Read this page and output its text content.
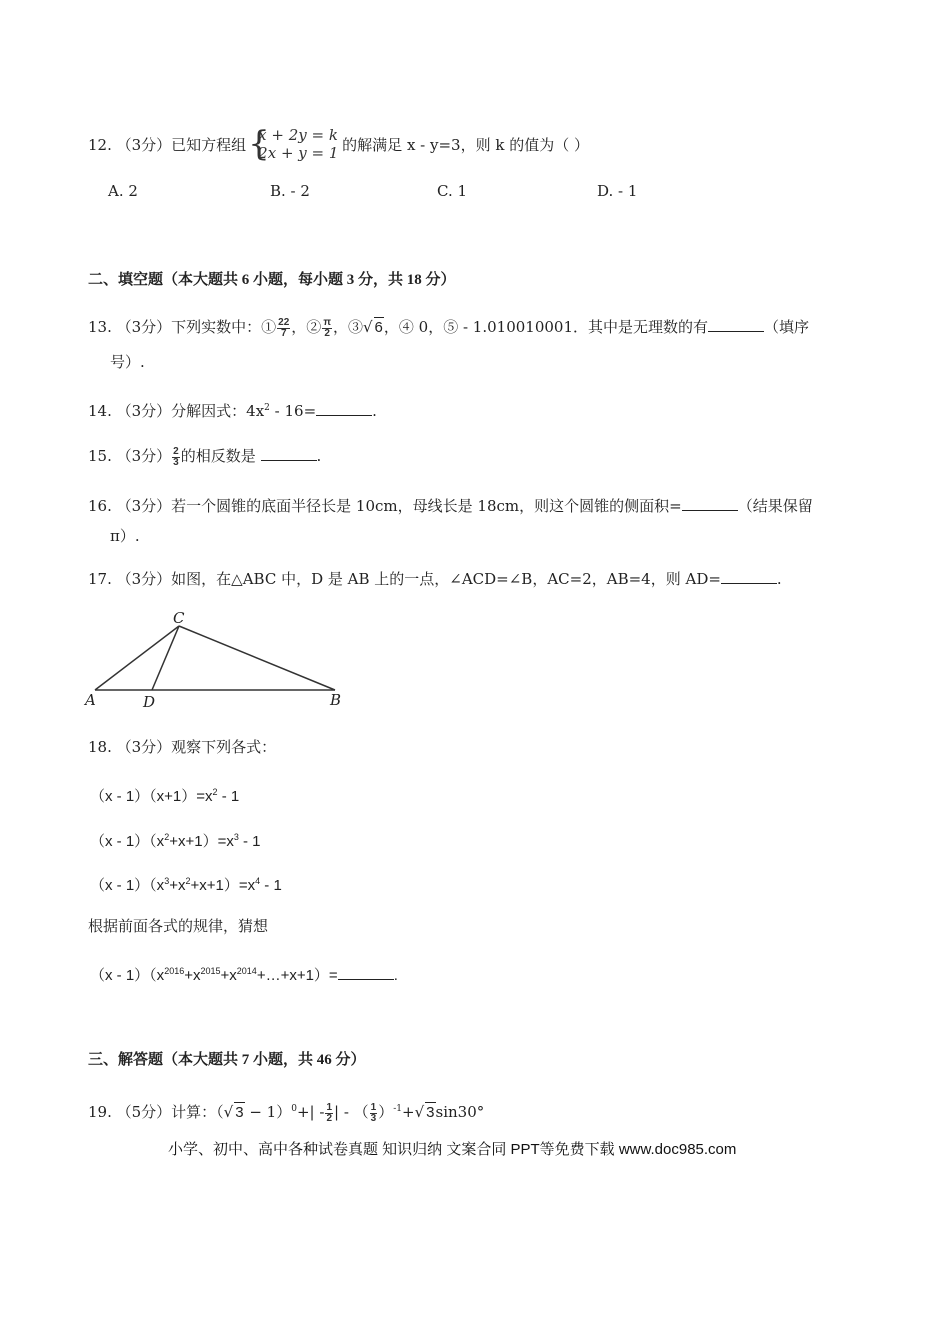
12. （3分）已知方程组 {
x + 2y = k
2x + y = 1 的解满足 x - y=3，则 k 的值为（ ）
A. 2	B. - 2	C. 1	D. - 1
二、填空题（本大题共 6 小题，每小题 3 分，共 18 分）
13. （3分）下列实数中：① $\frac{22}{7}$ ，② $\frac{\pi}{2}$ ，③√ 6，④ 0，⑤ - 1.010010001．其中是无理数的有	（填序
号）.
14. （3分）分解因式：$4x^2 - 16=$	.
15. （3分） $\frac{2}{3}$ 的相反数是	.
16. （3分）若一个圆锥的底面半径长是 10cm，母线长是 18cm，则这个圆锥的侧面积=	（结果保留
π）.
17. （3分）如图，在△ABC 中，D 是 AB 上的一点，∠ACD=∠B，AC=2，AB=4，则 AD=	.
C
A	D	B
18. （3分）观察下列各式：
$(x - 1)(x+1)=x^2 - 1$
$(x - 1)(x^2+x+1)=x^3 - 1$
$(x - 1)(x^3+x^2+x+1)=x^4 - 1$
根据前面各式的规律，猜想
$(x - 1)(x^{2016}+x^{2015}+x^{2014}+\dots+x+1)=$	.
三、解答题（本大题共 7 小题，共 46 分）
19. （5分）计算：（√ $3 - 1)^0+| - \frac{1}{2}$ | - （ $\frac{1}{3} )^{-1}+√$ 3sin30°
小学、初中、高中各种试卷真题 知识归纳 文案合同 PPT等免费下载 www.doc985.com
